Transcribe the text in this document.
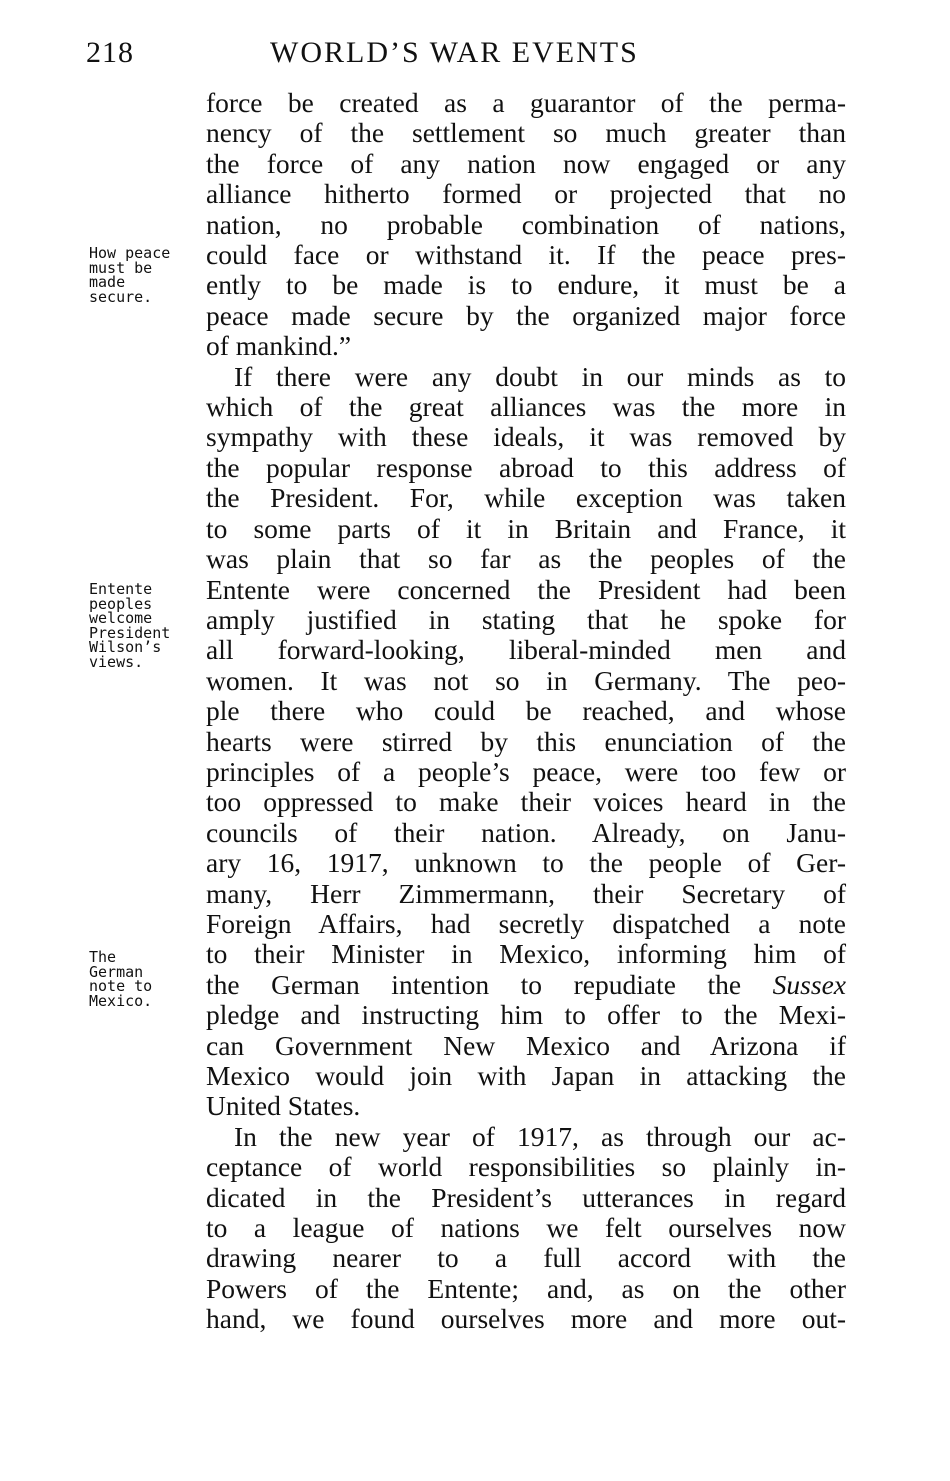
218	WORLD’S WAR EVENTS
How peace
must be
made
secure.
Entente
peoples
welcome
President
Wilson’s
views.
The
German
note to
Mexico.
force be created as a guarantor of the perma-
nency of the settlement so much greater than
the force of any nation now engaged or any
alliance hitherto formed or projected that no
nation, no probable combination of nations,
could face or withstand it. If the peace pres-
ently to be made is to endure, it must be a
peace made secure by the organized major force
of mankind.”
If there were any doubt in our minds as to
which of the great alliances was the more in
sympathy with these ideals, it was removed by
the popular response abroad to this address of
the President. For, while exception was taken
to some parts of it in Britain and France, it
was plain that so far as the peoples of the
Entente were concerned the President had been
amply justified in stating that he spoke for
all forward-looking, liberal-minded men and
women. It was not so in Germany. The peo-
ple there who could be reached, and whose
hearts were stirred by this enunciation of the
principles of a people’s peace, were too few or
too oppressed to make their voices heard in the
councils of their nation. Already, on Janu-
ary 16, 1917, unknown to the people of Ger-
many, Herr Zimmermann, their Secretary of
Foreign Affairs, had secretly dispatched a note
to their Minister in Mexico, informing him of
the German intention to repudiate the Sussex
pledge and instructing him to offer to the Mexi-
can Government New Mexico and Arizona if
Mexico would join with Japan in attacking the
United States.
In the new year of 1917, as through our ac-
ceptance of world responsibilities so plainly in-
dicated in the President’s utterances in regard
to a league of nations we felt ourselves now
drawing nearer to a full accord with the
Powers of the Entente; and, as on the other
hand, we found ourselves more and more out-
